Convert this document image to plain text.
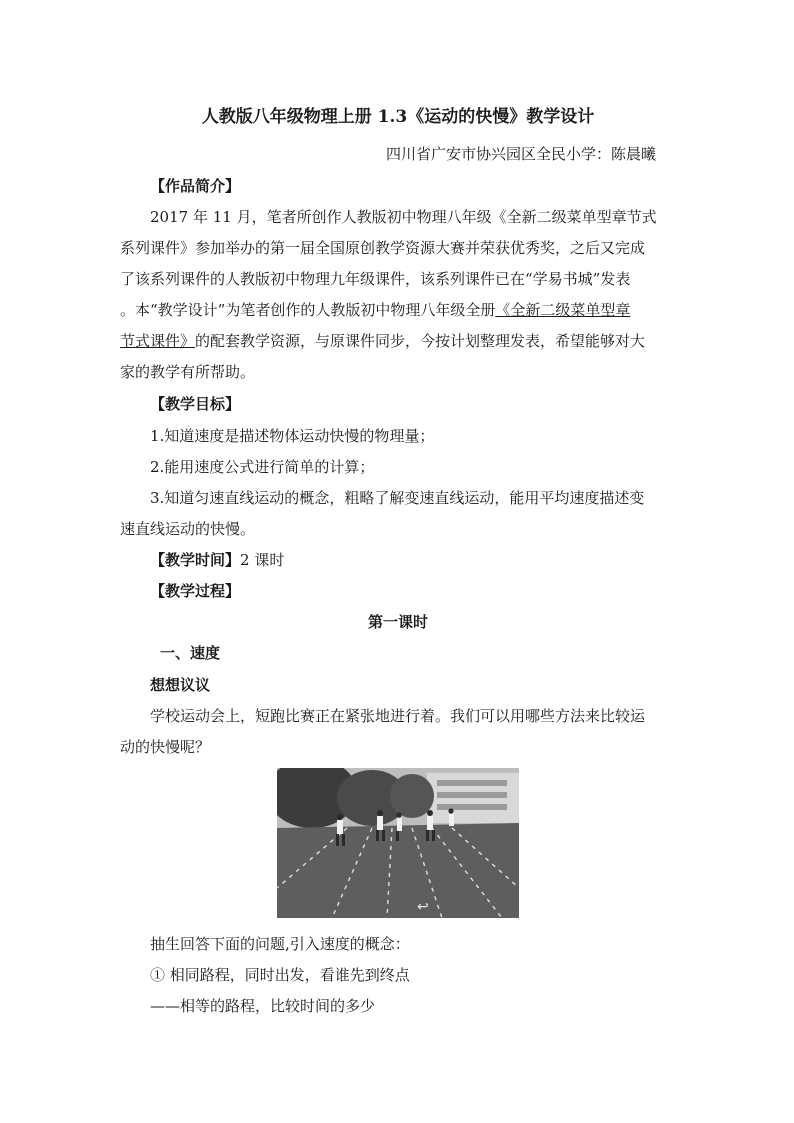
人教版八年级物理上册 1.3《运动的快慢》教学设计
四川省广安市协兴园区全民小学：陈晨曦
【作品简介】
2017 年 11 月，笔者所创作人教版初中物理八年级《全新二级菜单型章节式
系列课件》参加举办的第一届全国原创教学资源大赛并荣获优秀奖，之后又完成
了该系列课件的人教版初中物理九年级课件，该系列课件已在“学易书城”发表
。本“教学设计”为笔者创作的人教版初中物理八年级全册《全新二级菜单型章
节式课件》的配套教学资源，与原课件同步，今按计划整理发表，希望能够对大
家的教学有所帮助。
【教学目标】
1.知道速度是描述物体运动快慢的物理量；
2.能用速度公式进行简单的计算；
3.知道匀速直线运动的概念，粗略了解变速直线运动，能用平均速度描述变
速直线运动的快慢。
【教学时间】2 课时
【教学过程】
第一课时
一、速度
想想议议
学校运动会上，短跑比赛正在紧张地进行着。我们可以用哪些方法来比较运
动的快慢呢？
↩
抽生回答下面的问题,引入速度的概念：
① 相同路程，同时出发，看谁先到终点
——相等的路程，比较时间的多少
